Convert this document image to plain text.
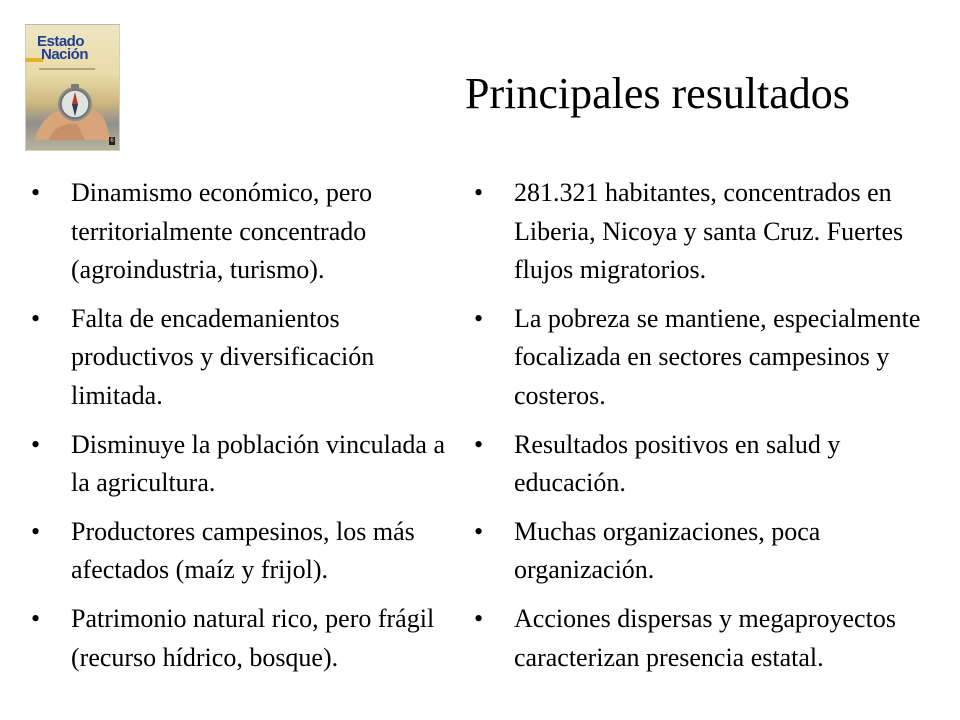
Estado
Nación
6
Principales resultados
•	Dinamismo económico, pero territorialmente concentrado (agroindustria, turismo).
•	Falta de encademanientos productivos y diversificación limitada.
•	Disminuye la población vinculada a la agricultura.
•	Productores campesinos, los más afectados (maíz y frijol).
•	Patrimonio natural rico, pero frágil (recurso hídrico, bosque).
•	281.321 habitantes, concentrados en Liberia, Nicoya y santa Cruz. Fuertes flujos migratorios.
•	La pobreza se mantiene, especialmente focalizada en sectores campesinos y costeros.
•	Resultados positivos en salud y educación.
•	Muchas organizaciones, poca organización.
•	Acciones dispersas y megaproyectos caracterizan presencia estatal.
